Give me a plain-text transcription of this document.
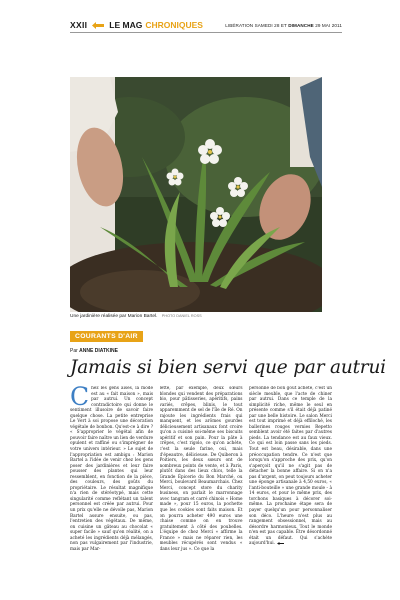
XXII	LE MAG CHRONIQUES	LIBÉRATION SAMEDI 28 ET DIMANCHE 29 MAI 2011
Une jardinière réalisée par Marion Bartel. PHOTO DANIEL ROSS
COURANTS D'AIR
Par ANNE DIATKINE
Jamais si bien servi que par autrui

Chez les gens aisés, la mode est au « fait maison », mais par autrui. Un concept contradictoire qui donne le sentiment illusoire de savoir faire quelque chose. La petite entreprise Le Vert à soi propose une décoration végétale de bonbon. Qu'est-ce à dire ? « S'approprier le végétal afin de pouvoir faire naître un lien de verdure opulent et raffiné ou s'imprégner de votre univers intérieur. » Le sujet de l'appropriation est ambigu : Marion Bartel a l'idée de venir chez les gens poser des jardinières et leur faire pousser des plantes qui leur ressemblent, en fonction de la pièce, des couleurs, des goûts du propriétaire. Le résultat magnifique n'a rien de stéréotypé, mais cette singularité comme reflétant un talent personnel est créée par autrui. Pour un prix qu'elle ne dévoile pas, Marion Bartel assure ensuite, ou pas, l'entretien des végétaux. De même, on cuisine un gâteau au chocolat « super facile » sauf qu'en réalité, on a acheté les ingrédients déjà mélangés, non pas vulgairement par l'industrie, mais par Mar-

lette, par exemple, deux sœurs blondes qui vendent des préparations bio, pour pâtisseries, apéritifs, pains variés, crêpes, blinis, le tout apparemment de sel de l'île de Ré. On rajoute les ingrédients frais qui manquent, et les arômes gourdes délicieusement artisanaux font croire qu'on a cuisiné soi-même ses biscuits apéritif et son pain. Pour la pâte à crêpes, c'est rigolo, ce qu'on achète, c'est la seule farine, oui, mais d'épeautre, délicieuse. De Quiberon à Poitiers, les deux sœurs ont de nombreux points de vente, et à Paris, plutôt dans des lieux chics, telle la Grande Épicerie du Bon Marché, ou Merci, boulevard Beaumarchais. Chez Merci, concept store du charity business, on parlait le marronnage avec tangram et carré chinois « Home made », pour 15 euros, la pochette que les cookies sont faits maison. Et on pourra acheter 490 euros une chaise comme on en trouve gratuitement à côté des poubelles. L'équipe de chez Merci « affirme la France » mais ne réparer rien, les meubles récupérés sont vendus « dans leur jus ». Ce que la

personne de bon goût achète, c'est un siècle meuble, que l'acte de chiner par autrui. Dans ce temple de la simplicité riche, même le seul en présente comme s'il était déjà patiné par une belle histoire. Le salon Merci est tout imprimé et déjà effiloché, les ballerines rouges vernies Repetto semblent avoir été faites par d'autres pieds. La tendance est au faux vieux. Ce qui est loin passe sans les pieds. Tout est beau, désirable, dans une préoccupation tendre. Ce n'est que lorsqu'on s'approche des prix, qu'on s'aperçoit qu'il ne s'agit pas de détacher la bonne affaire. Si on n'a pas d'argent, on peut toujours acheter une éponge artisanale à 4,50 euros, « l'anti-bouteille » une grande moule - à 14 euros, et pour le même prix, des torchons basiques à décorer soi-même. La prochaine étape sera de payer quelqu'un pour personnaliser son déco. L'heure n'est plus au rangement obsessionnel, mais au désordre harmonieux. Tout le monde n'en est pas capable. Être désordonné était un défaut. Qui s'achète aujourd'hui.
